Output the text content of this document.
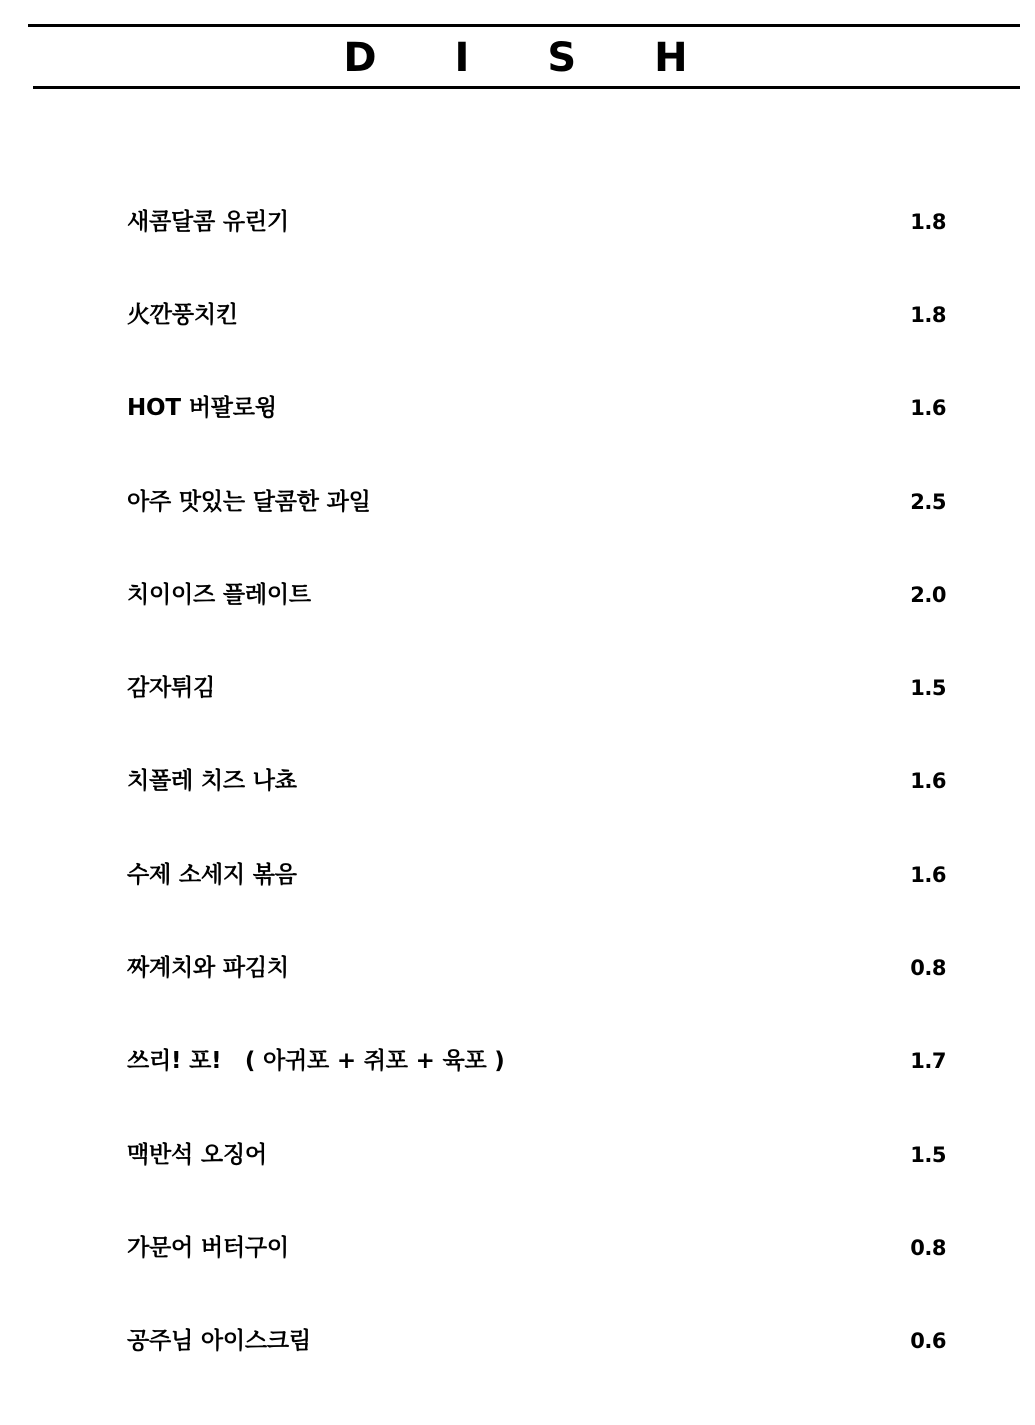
D I S H
새콤달콤 유린기	1.8
火깐풍치킨	1.8
HOT 버팔로윙	1.6
아주 맛있는 달콤한 과일	2.5
치이이즈 플레이트	2.0
감자튀김	1.5
치폴레 치즈 나쵸	1.6
수제 소세지 볶음	1.6
짜계치와 파김치	0.8
쓰리! 포!   ( 아귀포 + 쥐포 + 육포 )	1.7
맥반석 오징어	1.5
가문어 버터구이	0.8
공주님 아이스크림	0.6
